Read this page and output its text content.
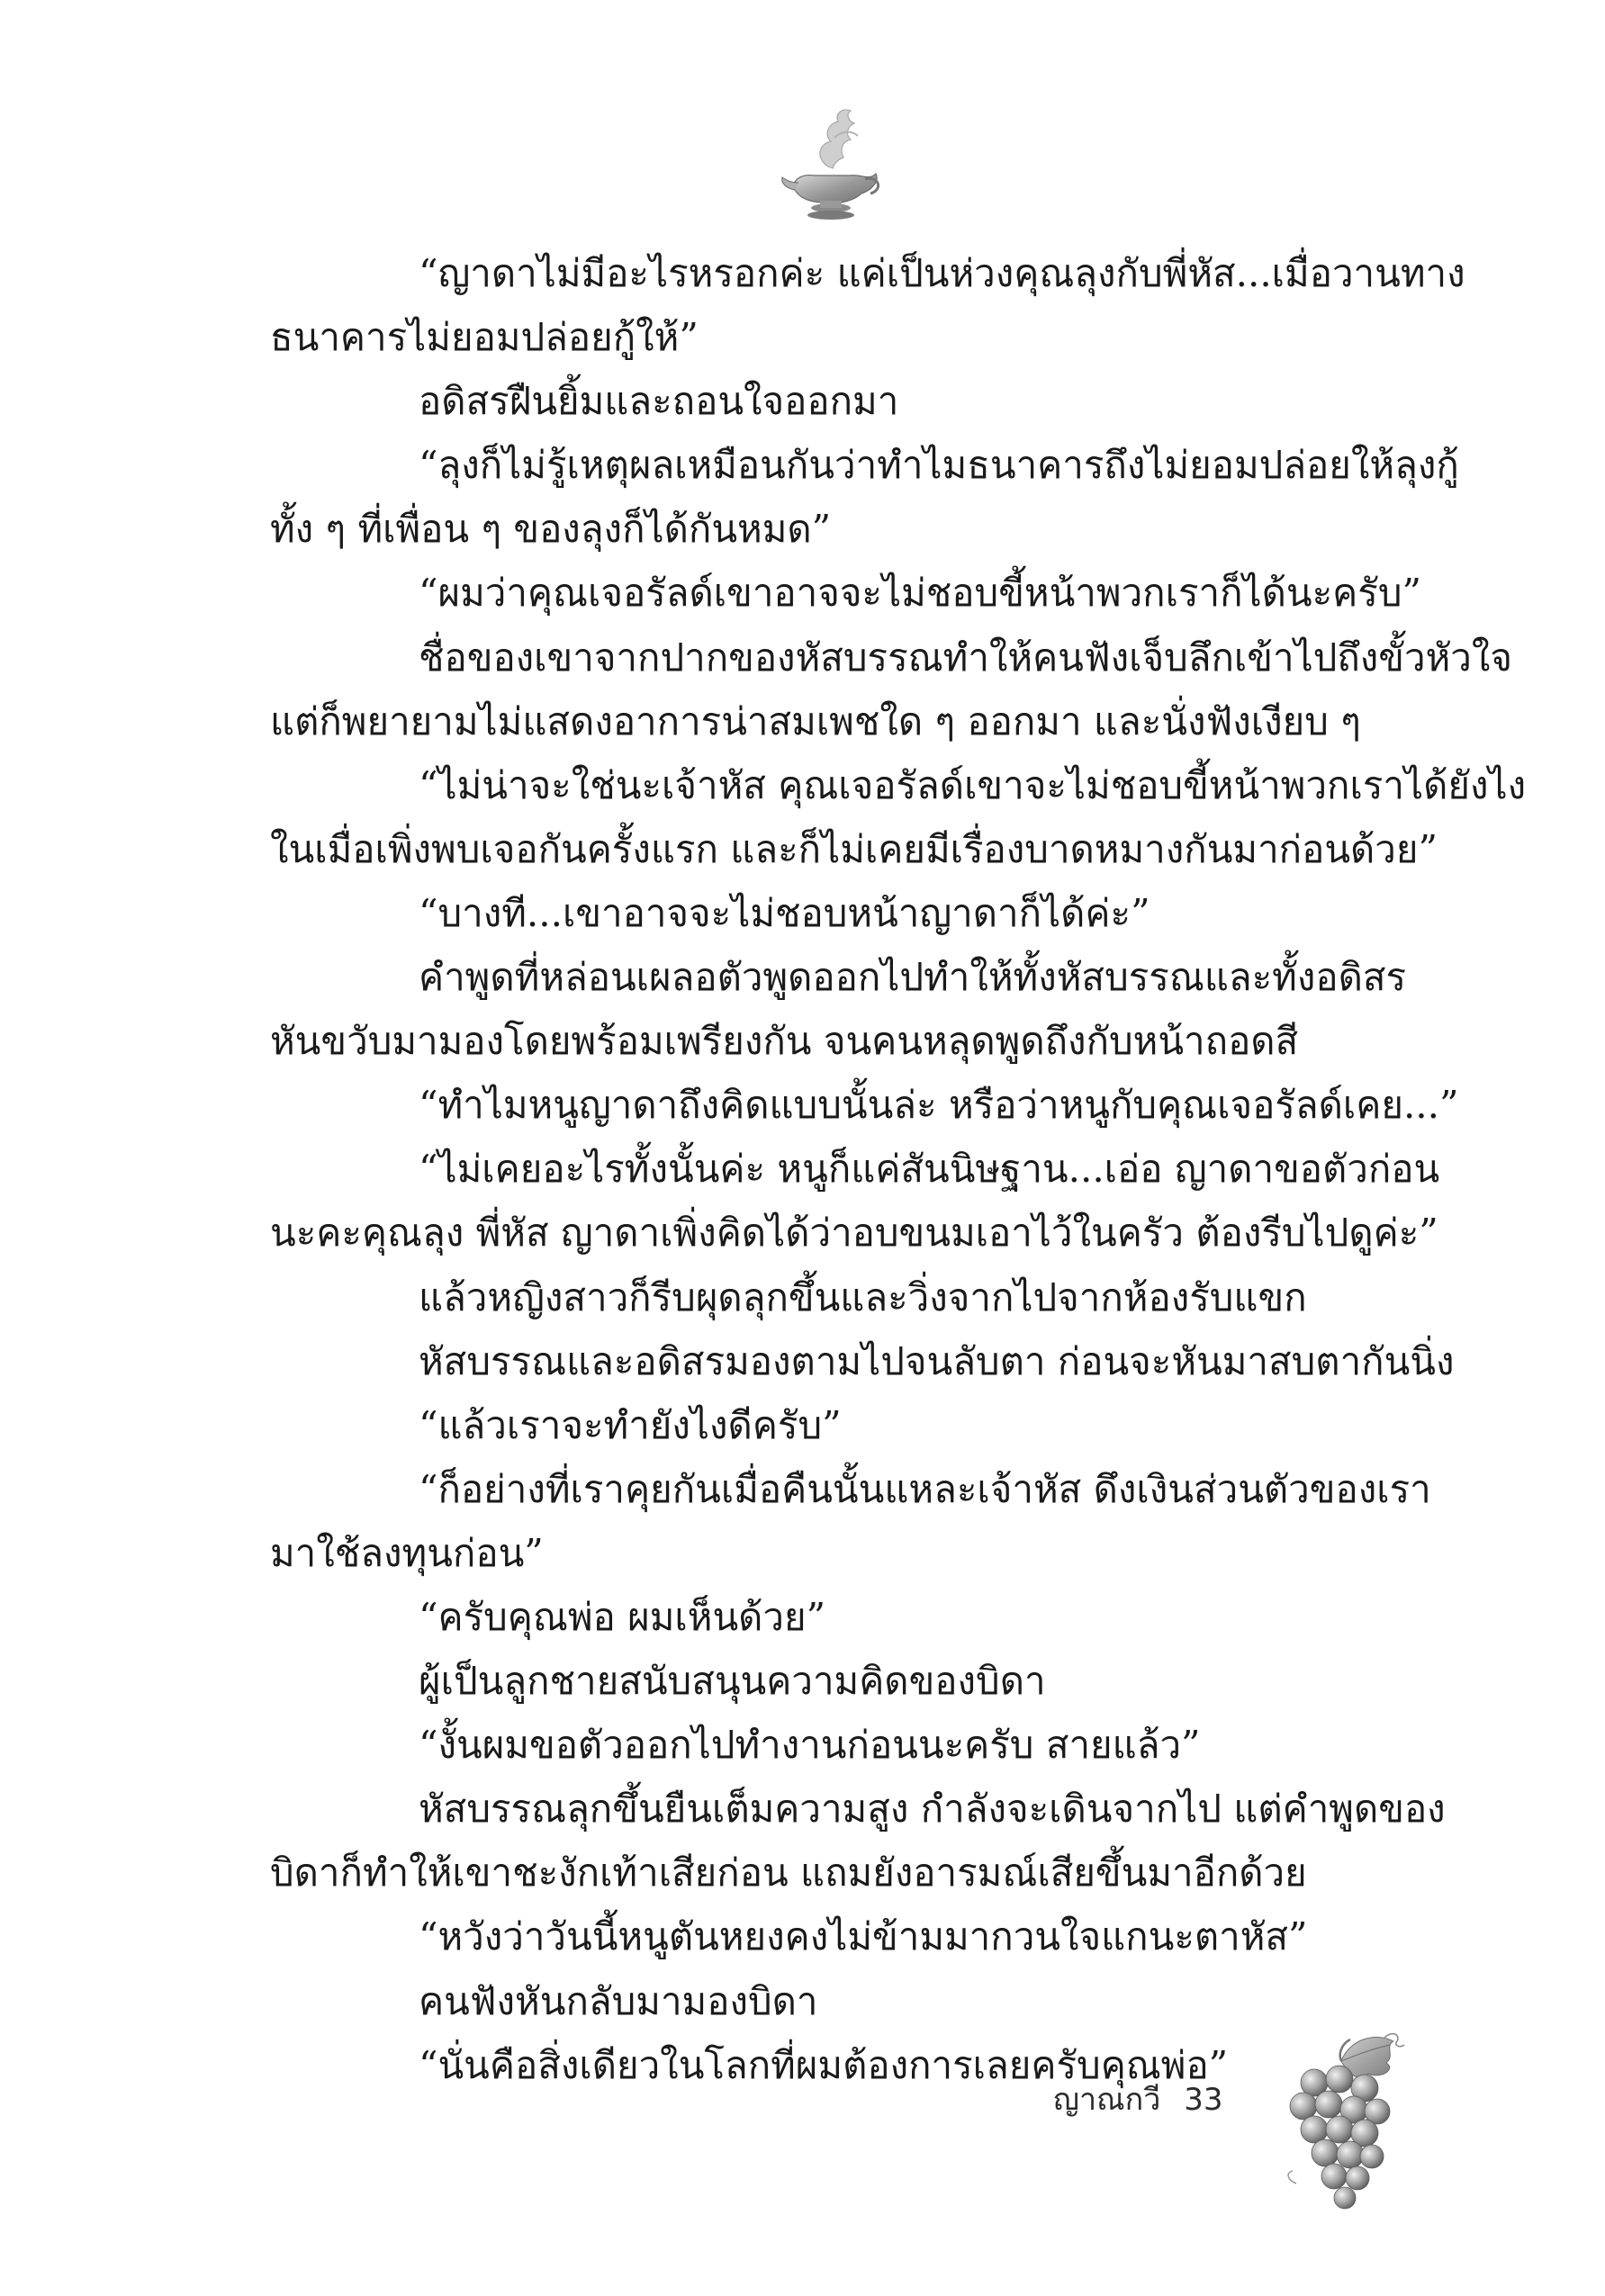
“ญาดาไม่มีอะไรหรอกค่ะ แค่เป็นห่วงคุณลุงกับพี่หัส...เมื่อวานทาง
ธนาคารไม่ยอมปล่อยกู้ให้”
อดิสรฝืนยิ้มและถอนใจออกมา
“ลุงก็ไม่รู้เหตุผลเหมือนกันว่าทำไมธนาคารถึงไม่ยอมปล่อยให้ลุงกู้
ทั้ง ๆ ที่เพื่อน ๆ ของลุงก็ได้กันหมด”
“ผมว่าคุณเจอรัลด์เขาอาจจะไม่ชอบขี้หน้าพวกเราก็ได้นะครับ”
ชื่อของเขาจากปากของหัสบรรณทำให้คนฟังเจ็บลึกเข้าไปถึงขั้วหัวใจ
แต่ก็พยายามไม่แสดงอาการน่าสมเพชใด ๆ ออกมา และนั่งฟังเงียบ ๆ
“ไม่น่าจะใช่นะเจ้าหัส คุณเจอรัลด์เขาจะไม่ชอบขี้หน้าพวกเราได้ยังไง
ในเมื่อเพิ่งพบเจอกันครั้งแรก และก็ไม่เคยมีเรื่องบาดหมางกันมาก่อนด้วย”
“บางที...เขาอาจจะไม่ชอบหน้าญาดาก็ได้ค่ะ”
คำพูดที่หล่อนเผลอตัวพูดออกไปทำให้ทั้งหัสบรรณและทั้งอดิสร
หันขวับมามองโดยพร้อมเพรียงกัน จนคนหลุดพูดถึงกับหน้าถอดสี
“ทำไมหนูญาดาถึงคิดแบบนั้นล่ะ หรือว่าหนูกับคุณเจอรัลด์เคย...”
“ไม่เคยอะไรทั้งนั้นค่ะ หนูก็แค่สันนิษฐาน...เอ่อ ญาดาขอตัวก่อน
นะคะคุณลุง พี่หัส ญาดาเพิ่งคิดได้ว่าอบขนมเอาไว้ในครัว ต้องรีบไปดูค่ะ”
แล้วหญิงสาวก็รีบผุดลุกขึ้นและวิ่งจากไปจากห้องรับแขก
หัสบรรณและอดิสรมองตามไปจนลับตา ก่อนจะหันมาสบตากันนิ่ง
“แล้วเราจะทำยังไงดีครับ”
“ก็อย่างที่เราคุยกันเมื่อคืนนั้นแหละเจ้าหัส ดึงเงินส่วนตัวของเรา
มาใช้ลงทุนก่อน”
“ครับคุณพ่อ ผมเห็นด้วย”
ผู้เป็นลูกชายสนับสนุนความคิดของบิดา
“งั้นผมขอตัวออกไปทำงานก่อนนะครับ สายแล้ว”
หัสบรรณลุกขึ้นยืนเต็มความสูง กำลังจะเดินจากไป แต่คำพูดของ
บิดาก็ทำให้เขาชะงักเท้าเสียก่อน แถมยังอารมณ์เสียขึ้นมาอีกด้วย
“หวังว่าวันนี้หนูตันหยงคงไม่ข้ามมากวนใจแกนะตาหัส”
คนฟังหันกลับมามองบิดา
“นั่นคือสิ่งเดียวในโลกที่ผมต้องการเลยครับคุณพ่อ”
ญาณกวี 33
